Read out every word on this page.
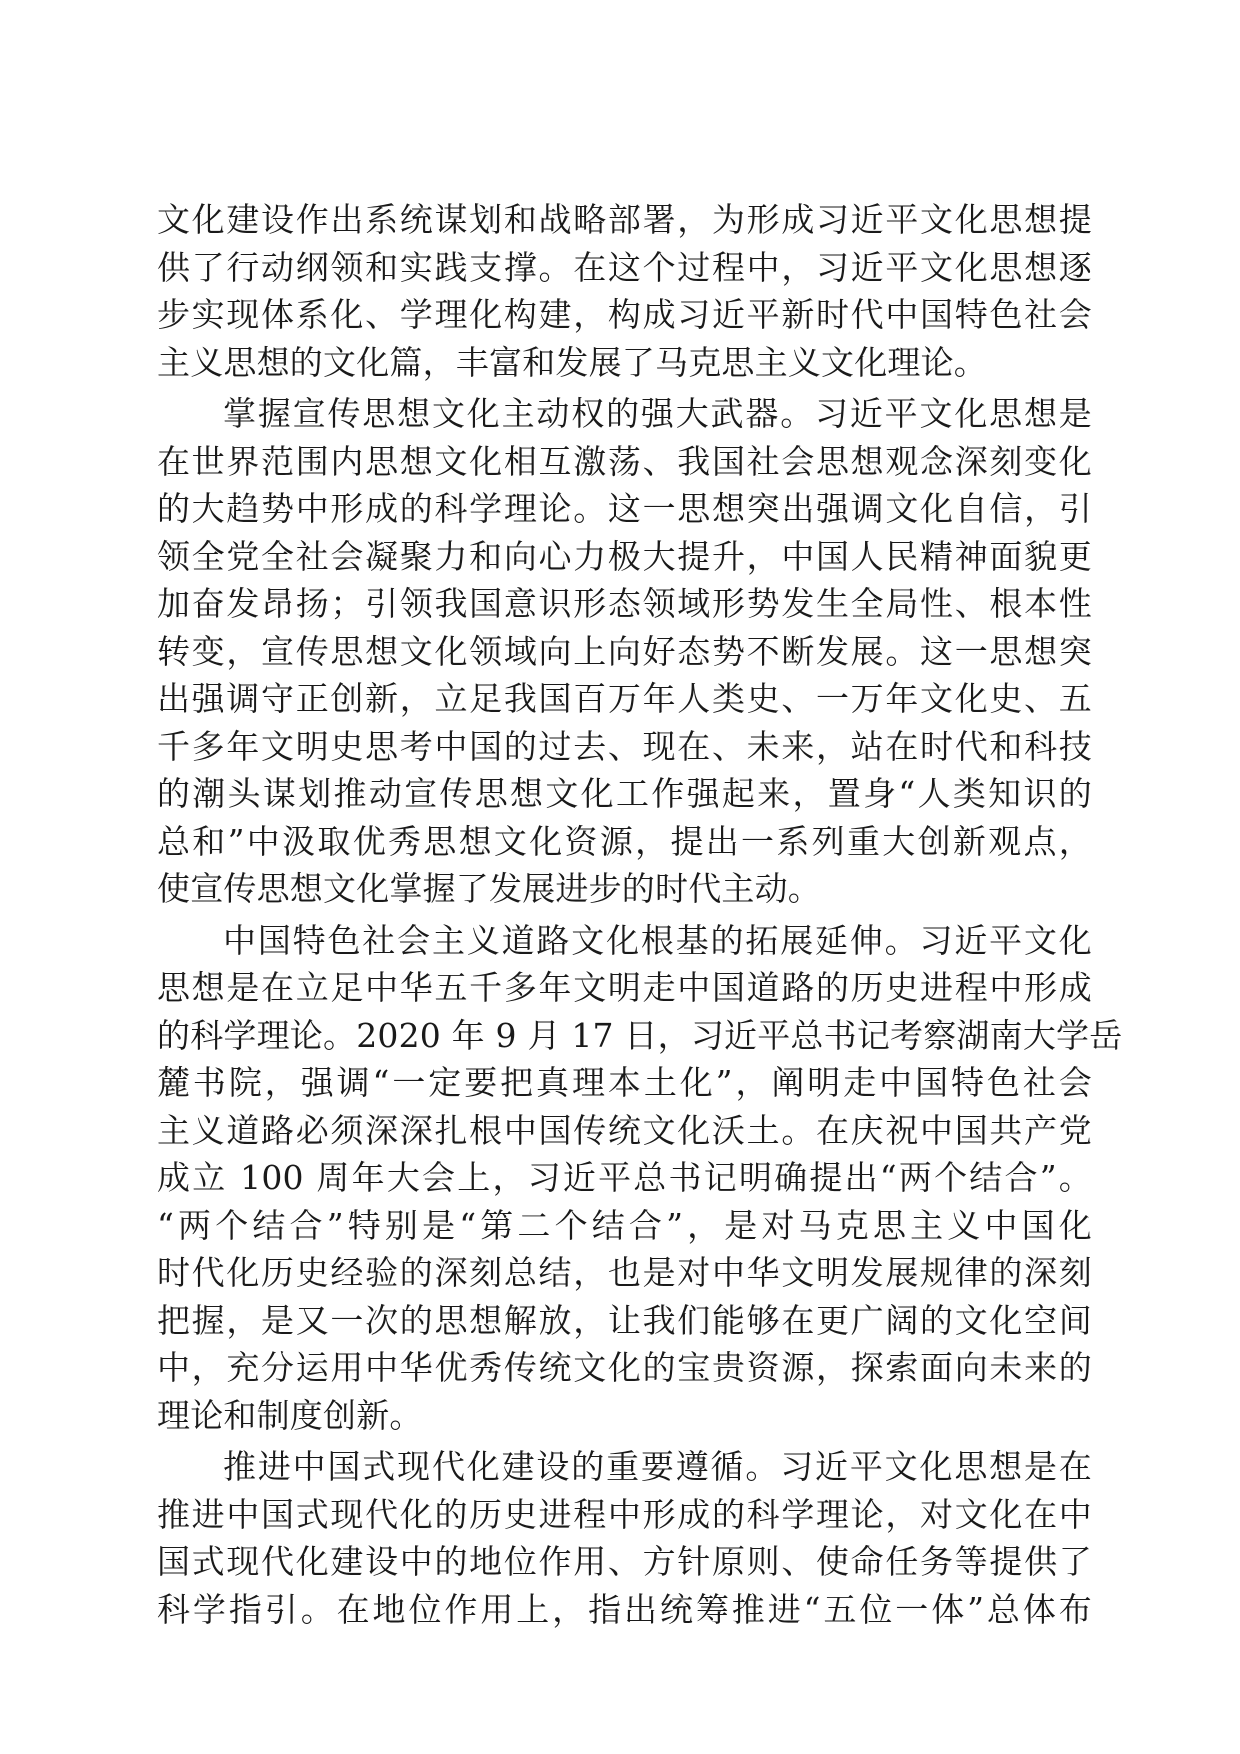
文化建设作出系统谋划和战略部署，为形成习近平文化思想提
供了行动纲领和实践支撑。在这个过程中，习近平文化思想逐
步实现体系化、学理化构建，构成习近平新时代中国特色社会
主义思想的文化篇，丰富和发展了马克思主义文化理论。
掌握宣传思想文化主动权的强大武器。习近平文化思想是
在世界范围内思想文化相互激荡、我国社会思想观念深刻变化
的大趋势中形成的科学理论。这一思想突出强调文化自信，引
领全党全社会凝聚力和向心力极大提升，中国人民精神面貌更
加奋发昂扬；引领我国意识形态领域形势发生全局性、根本性
转变，宣传思想文化领域向上向好态势不断发展。这一思想突
出强调守正创新，立足我国百万年人类史、一万年文化史、五
千多年文明史思考中国的过去、现在、未来，站在时代和科技
的潮头谋划推动宣传思想文化工作强起来，置身“人类知识的
总和”中汲取优秀思想文化资源，提出一系列重大创新观点，
使宣传思想文化掌握了发展进步的时代主动。
中国特色社会主义道路文化根基的拓展延伸。习近平文化
思想是在立足中华五千多年文明走中国道路的历史进程中形成
的科学理论。2020 年 9 月 17 日，习近平总书记考察湖南大学岳
麓书院，强调“一定要把真理本土化”，阐明走中国特色社会
主义道路必须深深扎根中国传统文化沃土。在庆祝中国共产党
成立 100 周年大会上，习近平总书记明确提出“两个结合”。
“两个结合”特别是“第二个结合”，是对马克思主义中国化
时代化历史经验的深刻总结，也是对中华文明发展规律的深刻
把握，是又一次的思想解放，让我们能够在更广阔的文化空间
中，充分运用中华优秀传统文化的宝贵资源，探索面向未来的
理论和制度创新。
推进中国式现代化建设的重要遵循。习近平文化思想是在
推进中国式现代化的历史进程中形成的科学理论，对文化在中
国式现代化建设中的地位作用、方针原则、使命任务等提供了
科学指引。在地位作用上，指出统筹推进“五位一体”总体布
